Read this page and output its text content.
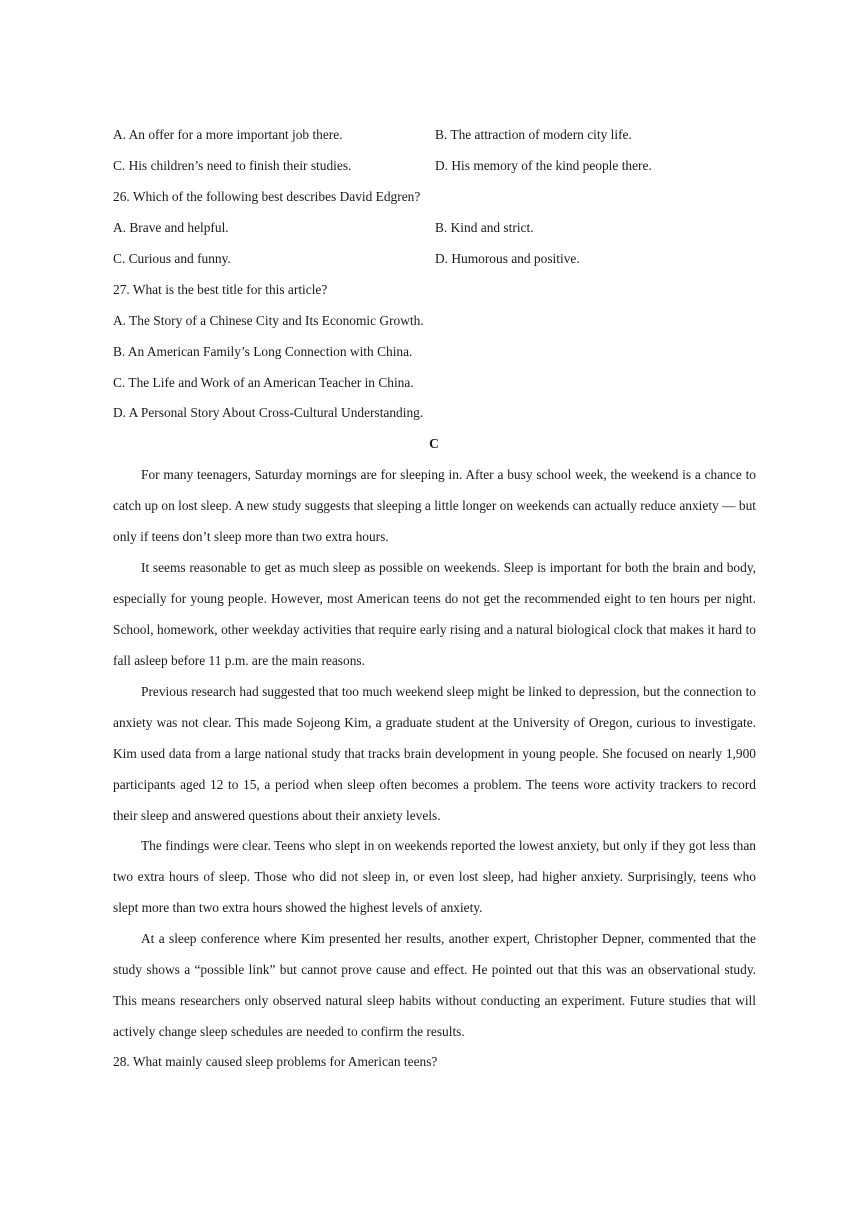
A. An offer for a more important job there.	B. The attraction of modern city life.
C. His children’s need to finish their studies.	D. His memory of the kind people there.
26. Which of the following best describes David Edgren?
A. Brave and helpful.	B. Kind and strict.
C. Curious and funny.	D. Humorous and positive.
27. What is the best title for this article?
A. The Story of a Chinese City and Its Economic Growth.
B. An American Family’s Long Connection with China.
C. The Life and Work of an American Teacher in China.
D. A Personal Story About Cross-Cultural Understanding.
C

For many teenagers, Saturday mornings are for sleeping in. After a busy school week, the weekend is a chance to catch up on lost sleep. A new study suggests that sleeping a little longer on weekends can actually reduce anxiety — but only if teens don’t sleep more than two extra hours.

It seems reasonable to get as much sleep as possible on weekends. Sleep is important for both the brain and body, especially for young people. However, most American teens do not get the recommended eight to ten hours per night. School, homework, other weekday activities that require early rising and a natural biological clock that makes it hard to fall asleep before 11 p.m. are the main reasons.

Previous research had suggested that too much weekend sleep might be linked to depression, but the connection to anxiety was not clear. This made Sojeong Kim, a graduate student at the University of Oregon, curious to investigate. Kim used data from a large national study that tracks brain development in young people. She focused on nearly 1,900 participants aged 12 to 15, a period when sleep often becomes a problem. The teens wore activity trackers to record their sleep and answered questions about their anxiety levels.

The findings were clear. Teens who slept in on weekends reported the lowest anxiety, but only if they got less than two extra hours of sleep. Those who did not sleep in, or even lost sleep, had higher anxiety. Surprisingly, teens who slept more than two extra hours showed the highest levels of anxiety.

At a sleep conference where Kim presented her results, another expert, Christopher Depner, commented that the study shows a “possible link” but cannot prove cause and effect. He pointed out that this was an observational study. This means researchers only observed natural sleep habits without conducting an experiment. Future studies that will actively change sleep schedules are needed to confirm the results.

28. What mainly caused sleep problems for American teens?
